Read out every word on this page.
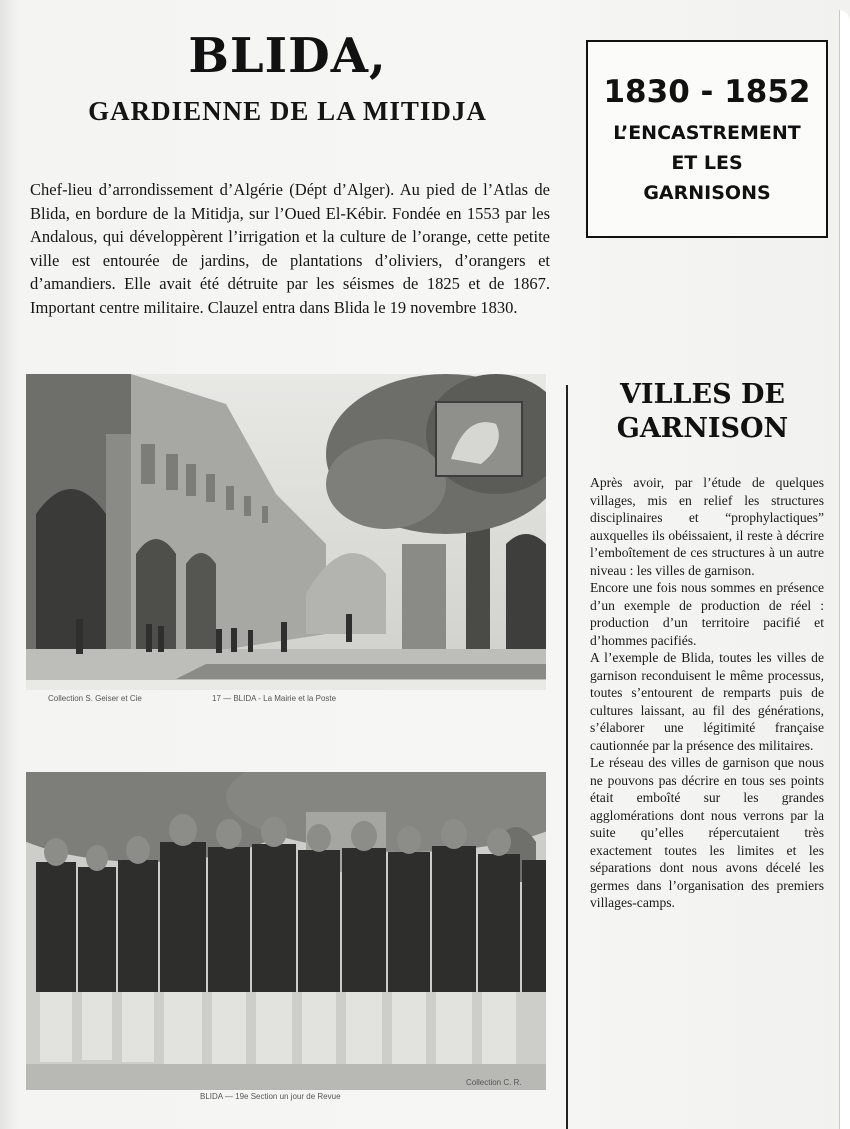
BLIDA,
GARDIENNE DE LA MITIDJA
Chef-lieu d’arrondissement d’Algérie (Dépt d’Alger). Au pied de l’Atlas de Blida, en bordure de la Mitidja, sur l’Oued El-Kébir. Fondée en 1553 par les Andalous, qui développèrent l’irrigation et la culture de l’orange, cette petite ville est entourée de jardins, de plantations d’oliviers, d’orangers et d’amandiers. Elle avait été détruite par les séismes de 1825 et de 1867. Important centre militaire. Clauzel entra dans Blida le 19 novembre 1830.
1830 - 1852
L’ENCASTREMENT
ET LES
GARNISONS
VILLES DE
GARNISON

Après avoir, par l’étude de quelques villages, mis en relief les structures disciplinaires et “prophylactiques” auxquelles ils obéissaient, il reste à décrire l’emboîtement de ces structures à un autre niveau : les villes de garnison.

Encore une fois nous sommes en présence d’un exemple de production de réel : production d’un territoire pacifié et d’hommes pacifiés.

A l’exemple de Blida, toutes les villes de garnison reconduisent le même processus, toutes s’entourent de remparts puis de cultures laissant, au fil des générations, s’élaborer une légitimité française cautionnée par la présence des militaires.

Le réseau des villes de garnison que nous ne pouvons pas décrire en tous ses points était emboîté sur les grandes agglomérations dont nous verrons par la suite qu’elles répercutaient très exactement toutes les limites et les séparations dont nous avons décelé les germes dans l’organisation des premiers villages-camps.

Collection S. Geiser et Cie	17 — BLIDA - La Mairie et la Poste
BLIDA — 19e Section un jour de Revue
Collection C. R.
